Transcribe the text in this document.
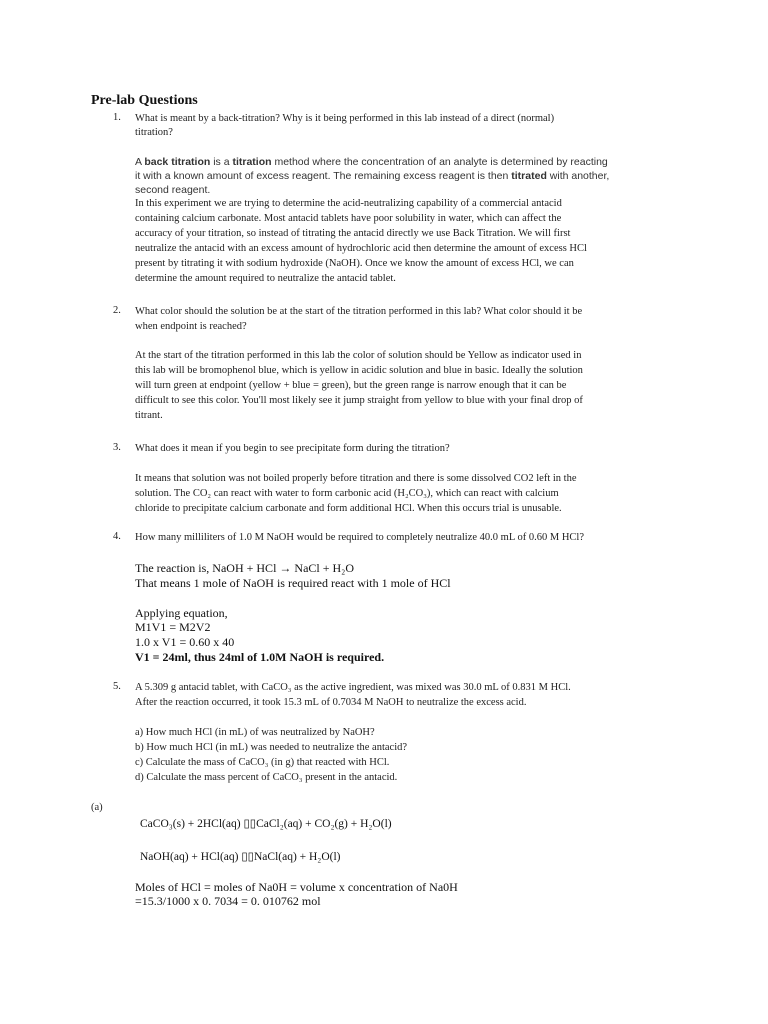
Pre-lab Questions
1. What is meant by a back-titration? Why is it being performed in this lab instead of a direct (normal)
titration?
A back titration is a titration method where the concentration of an analyte is determined by reacting
it with a known amount of excess reagent. The remaining excess reagent is then titrated with another,
second reagent.
In this experiment we are trying to determine the acid-neutralizing capability of a commercial antacid
containing calcium carbonate. Most antacid tablets have poor solubility in water, which can affect the
accuracy of your titration, so instead of titrating the antacid directly we use Back Titration. We will first
neutralize the antacid with an excess amount of hydrochloric acid then determine the amount of excess HCl
present by titrating it with sodium hydroxide (NaOH). Once we know the amount of excess HCl, we can
determine the amount required to neutralize the antacid tablet.
2. What color should the solution be at the start of the titration performed in this lab? What color should it be
when endpoint is reached?
At the start of the titration performed in this lab the color of solution should be Yellow as indicator used in
this lab will be bromophenol blue, which is yellow in acidic solution and blue in basic. Ideally the solution
will turn green at endpoint (yellow + blue = green), but the green range is narrow enough that it can be
difficult to see this color. You'll most likely see it jump straight from yellow to blue with your final drop of
titrant.
3. What does it mean if you begin to see precipitate form during the titration?
It means that solution was not boiled properly before titration and there is some dissolved CO2 left in the
solution. The CO₂ can react with water to form carbonic acid (H₂CO₃), which can react with calcium
chloride to precipitate calcium carbonate and form additional HCl. When this occurs trial is unusable.
4. How many milliliters of 1.0 M NaOH would be required to completely neutralize 40.0 mL of 0.60 M HCl?
The reaction is, NaOH + HCl → NaCl + H₂O
That means 1 mole of NaOH is required react with 1 mole of HCl
Applying equation,
M1V1 = M2V2
1.0 x V1 = 0.60 x 40
V1 = 24ml, thus 24ml of 1.0M NaOH is required.
5. A 5.309 g antacid tablet, with CaCO₃ as the active ingredient, was mixed was 30.0 mL of 0.831 M HCl.
After the reaction occurred, it took 15.3 mL of 0.7034 M NaOH to neutralize the excess acid.
a) How much HCl (in mL) of was neutralized by NaOH?
b) How much HCl (in mL) was needed to neutralize the antacid?
c) Calculate the mass of CaCO₃ (in g) that reacted with HCl.
d) Calculate the mass percent of CaCO₃ present in the antacid.
(a)
CaCO₃(s) + 2HCl(aq) ▯▯CaCl₂(aq) + CO₂(g) + H₂O(l)
NaOH(aq) + HCl(aq) ▯▯NaCl(aq) + H₂O(l)
Moles of HCl = moles of Na0H = volume x concentration of Na0H
=15.3/1000 x 0. 7034 = 0. 010762 mol
